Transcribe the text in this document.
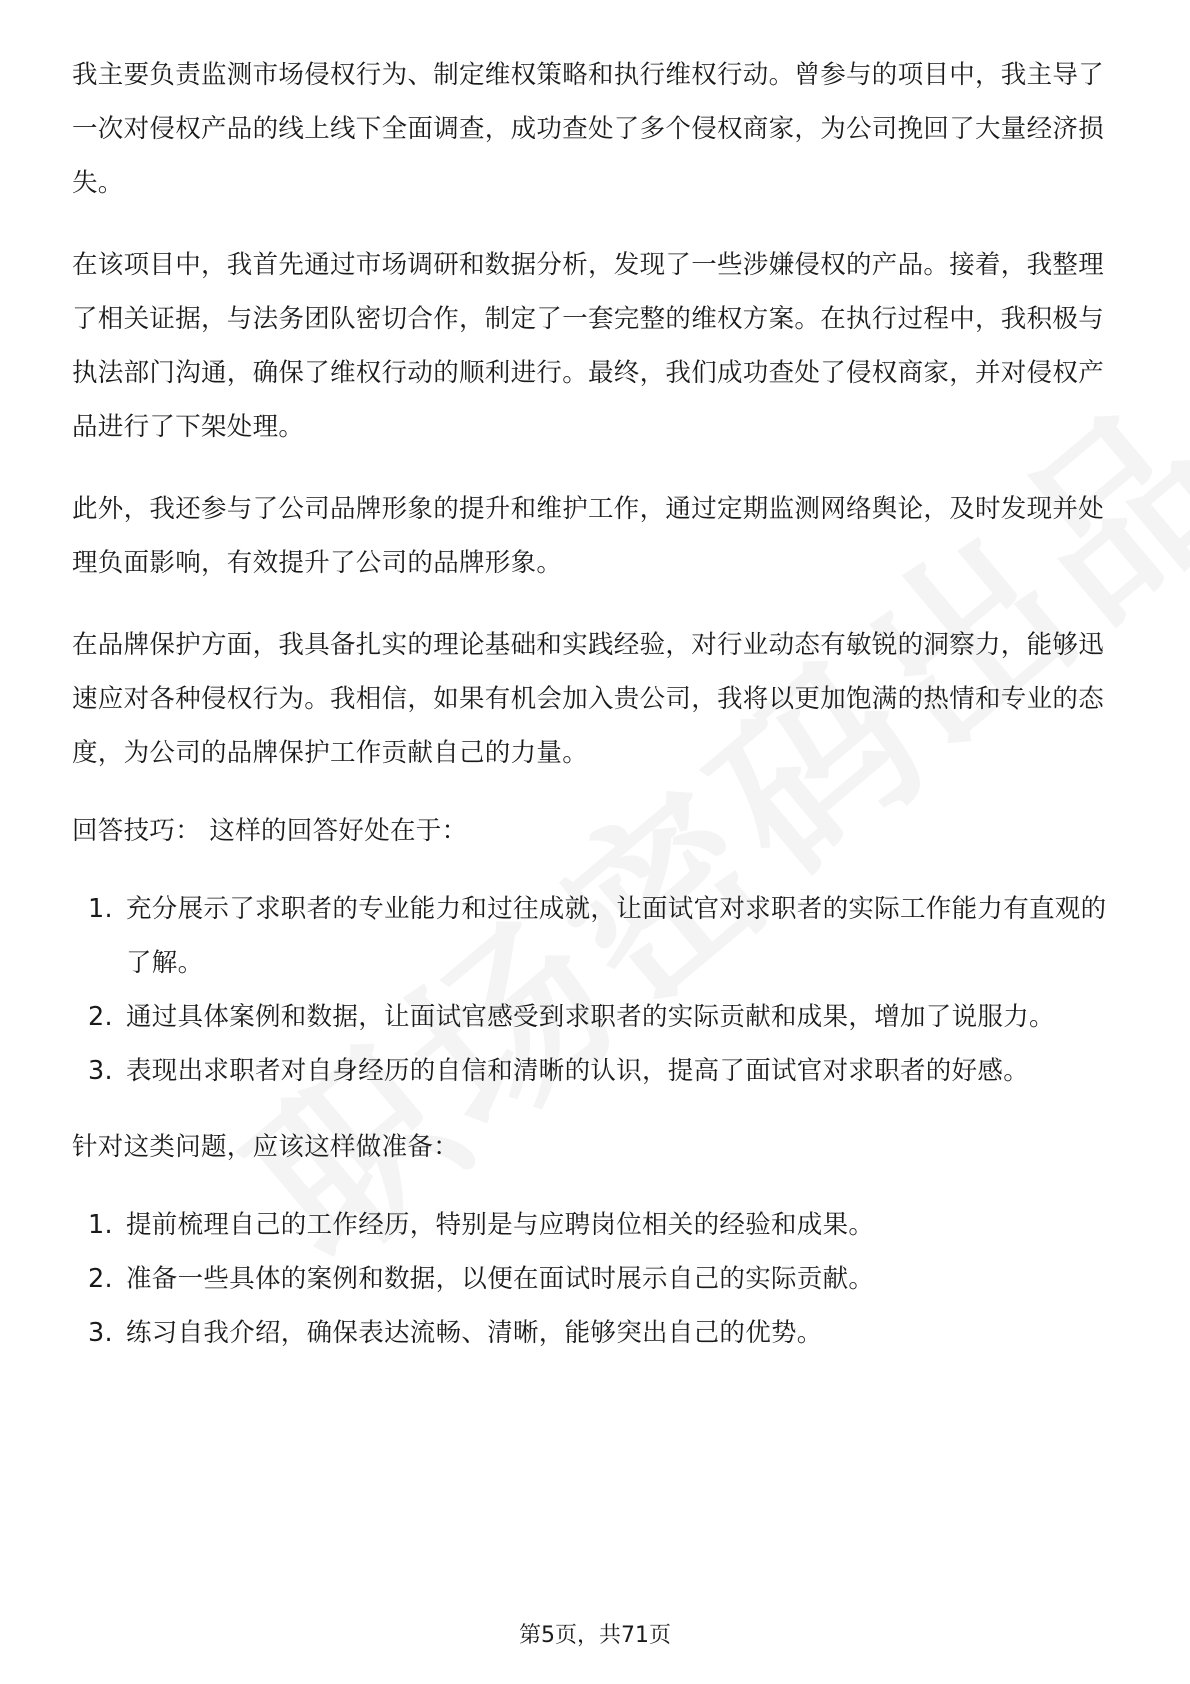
我主要负责监测市场侵权行为、制定维权策略和执行维权行动。曾参与的项目中，我主导了一次对侵权产品的线上线下全面调查，成功查处了多个侵权商家，为公司挽回了大量经济损失。

在该项目中，我首先通过市场调研和数据分析，发现了一些涉嫌侵权的产品。接着，我整理了相关证据，与法务团队密切合作，制定了一套完整的维权方案。在执行过程中，我积极与执法部门沟通，确保了维权行动的顺利进行。最终，我们成功查处了侵权商家，并对侵权产品进行了下架处理。

此外，我还参与了公司品牌形象的提升和维护工作，通过定期监测网络舆论，及时发现并处理负面影响，有效提升了公司的品牌形象。

在品牌保护方面，我具备扎实的理论基础和实践经验，对行业动态有敏锐的洞察力，能够迅速应对各种侵权行为。我相信，如果有机会加入贵公司，我将以更加饱满的热情和专业的态度，为公司的品牌保护工作贡献自己的力量。

回答技巧： 这样的回答好处在于：

1. 充分展示了求职者的专业能力和过往成就，让面试官对求职者的实际工作能力有直观的了解。
2. 通过具体案例和数据，让面试官感受到求职者的实际贡献和成果，增加了说服力。
3. 表现出求职者对自身经历的自信和清晰的认识，提高了面试官对求职者的好感。

针对这类问题，应该这样做准备：

1. 提前梳理自己的工作经历，特别是与应聘岗位相关的经验和成果。
2. 准备一些具体的案例和数据，以便在面试时展示自己的实际贡献。
3. 练习自我介绍，确保表达流畅、清晰，能够突出自己的优势。
第5页，共71页
